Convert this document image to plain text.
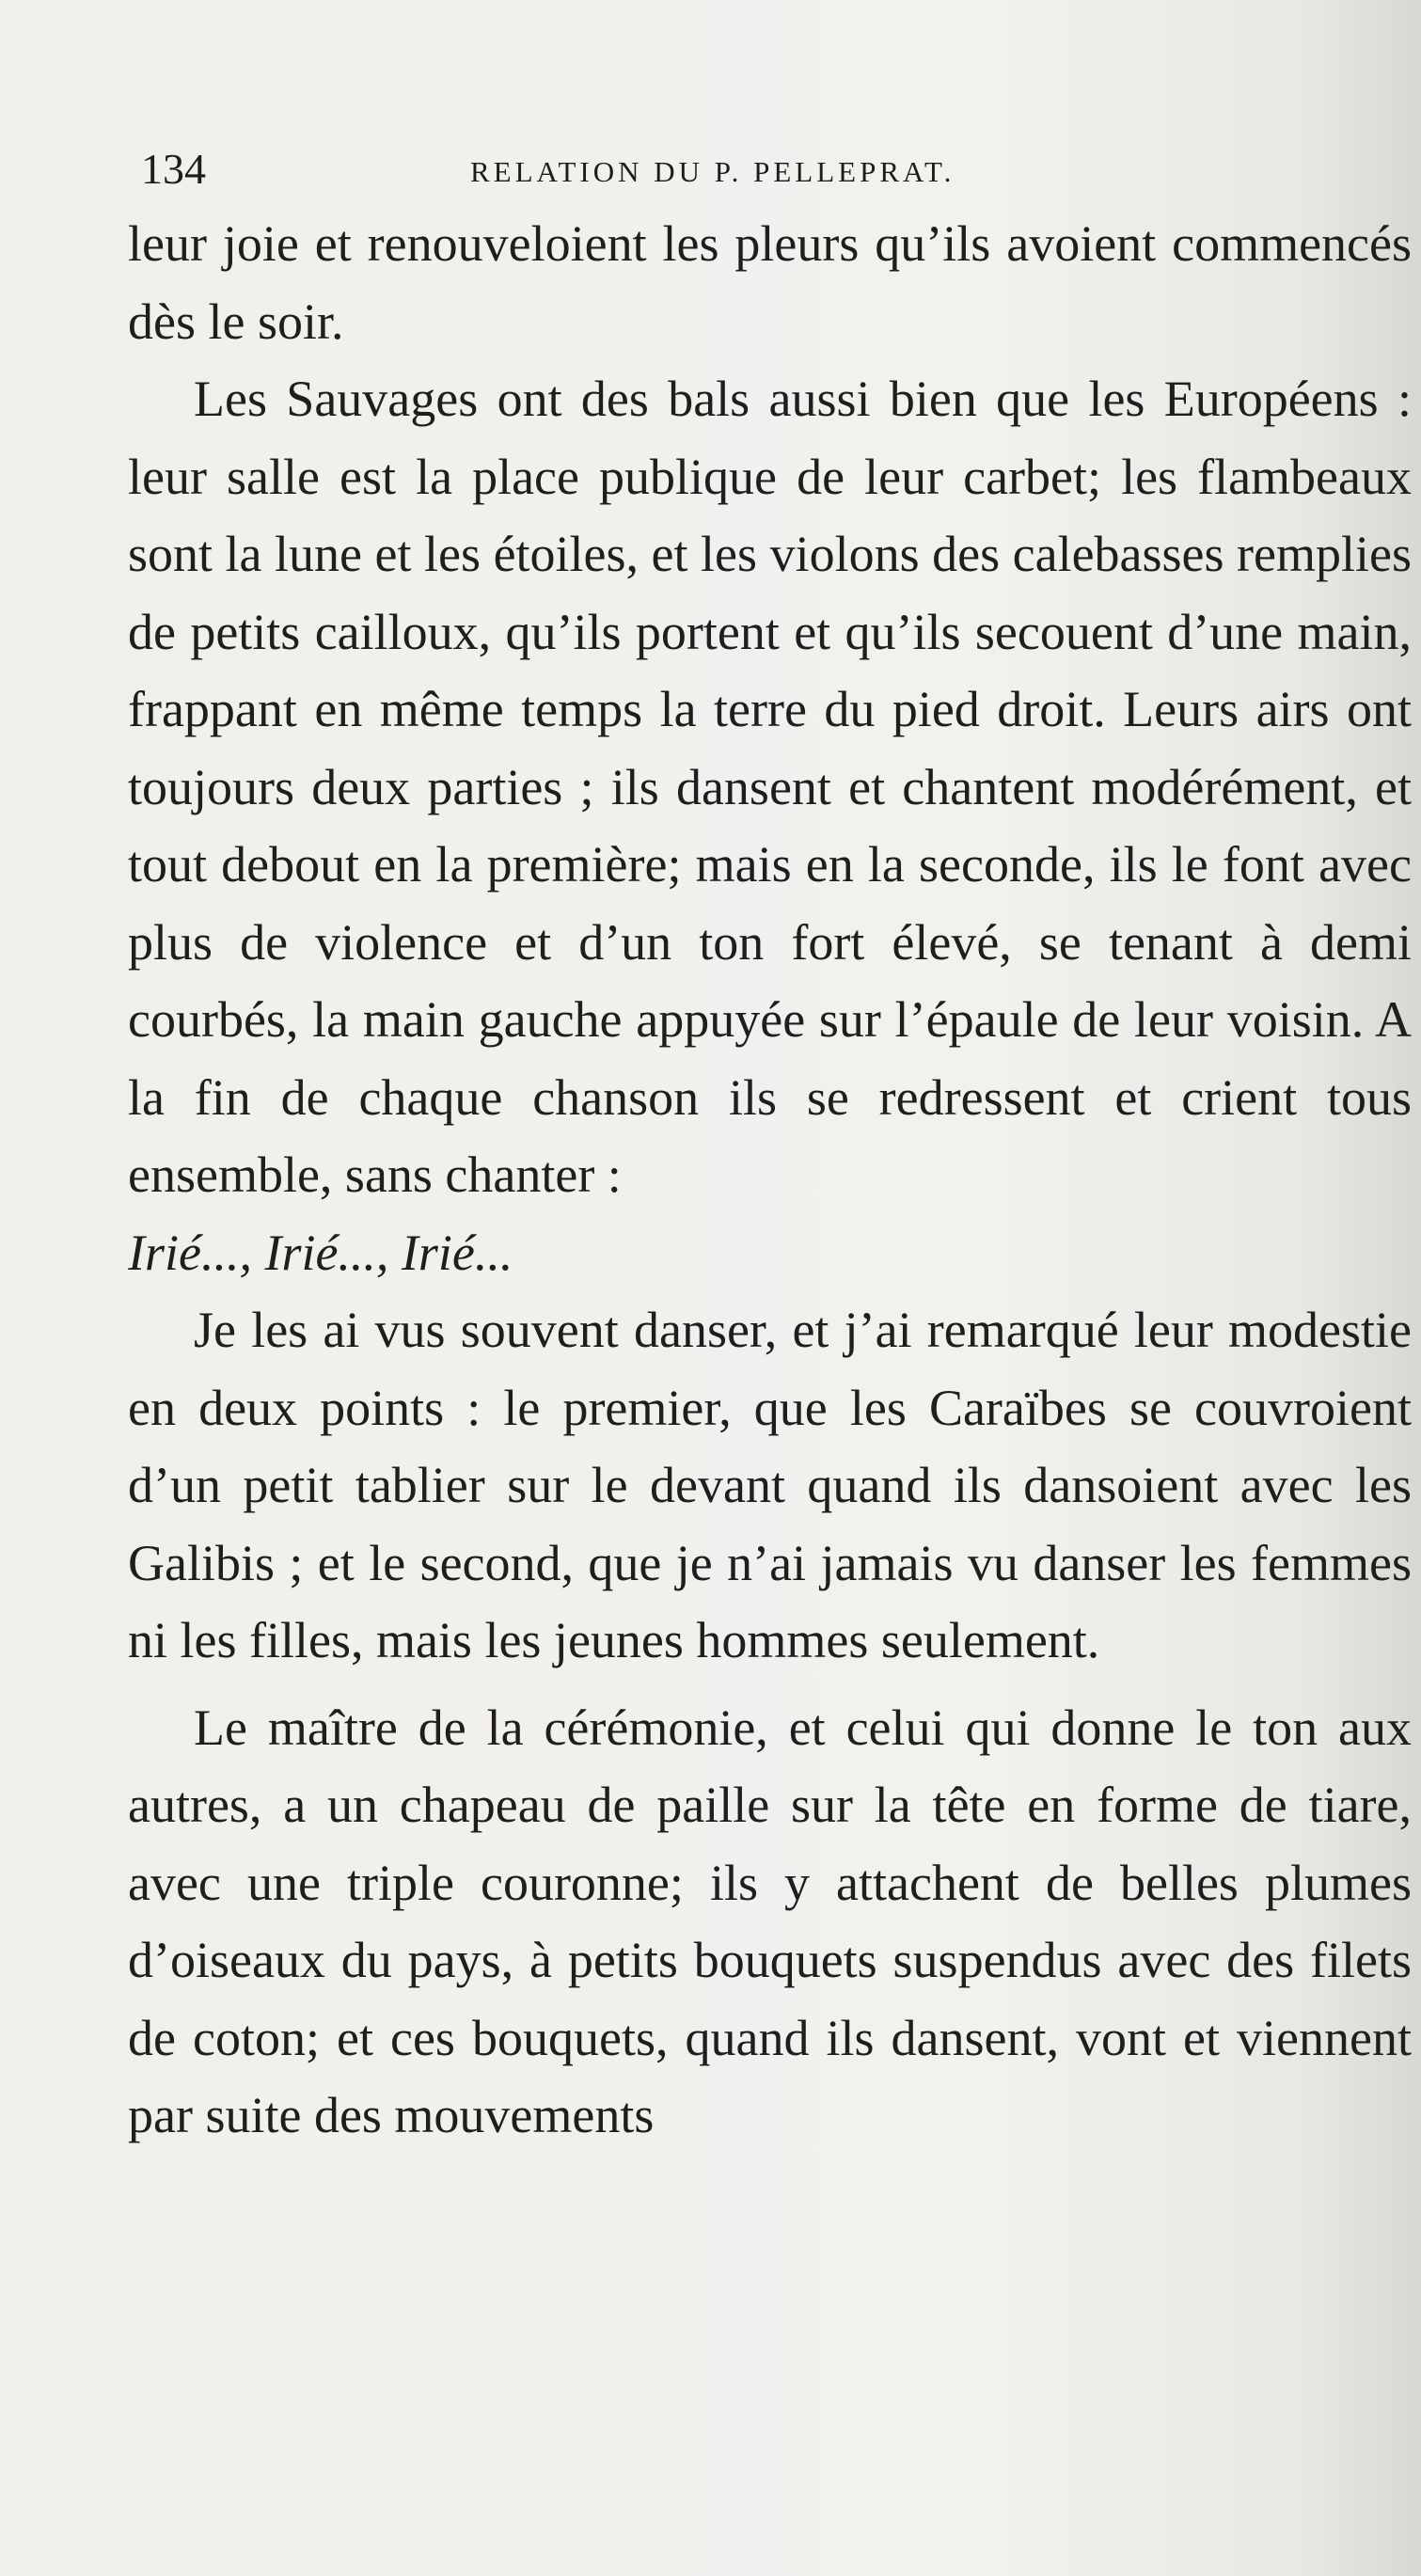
134	RELATION DU P. PELLEPRAT.

leur joie et renouveloient les pleurs qu’ils avoient commencés dès le soir.

Les Sauvages ont des bals aussi bien que les Européens : leur salle est la place publique de leur carbet; les flambeaux sont la lune et les étoiles, et les violons des calebasses remplies de petits cailloux, qu’ils portent et qu’ils secouent d’une main, frappant en même temps la terre du pied droit. Leurs airs ont toujours deux parties ; ils dansent et chantent modérément, et tout debout en la première; mais en la seconde, ils le font avec plus de violence et d’un ton fort élevé, se tenant à demi courbés, la main gauche appuyée sur l’épaule de leur voisin. A la fin de chaque chanson ils se redressent et crient tous ensemble, sans chanter :
Irié..., Irié..., Irié...

Je les ai vus souvent danser, et j’ai remarqué leur modestie en deux points : le premier, que les Caraïbes se couvroient d’un petit tablier sur le devant quand ils dansoient avec les Galibis ; et le second, que je n’ai jamais vu danser les femmes ni les filles, mais les jeunes hommes seulement.

Le maître de la cérémonie, et celui qui donne le ton aux autres, a un chapeau de paille sur la tête en forme de tiare, avec une triple couronne; ils y attachent de belles plumes d’oiseaux du pays, à petits bouquets suspendus avec des filets de coton; et ces bouquets, quand ils dansent, vont et viennent par suite des mouvements
